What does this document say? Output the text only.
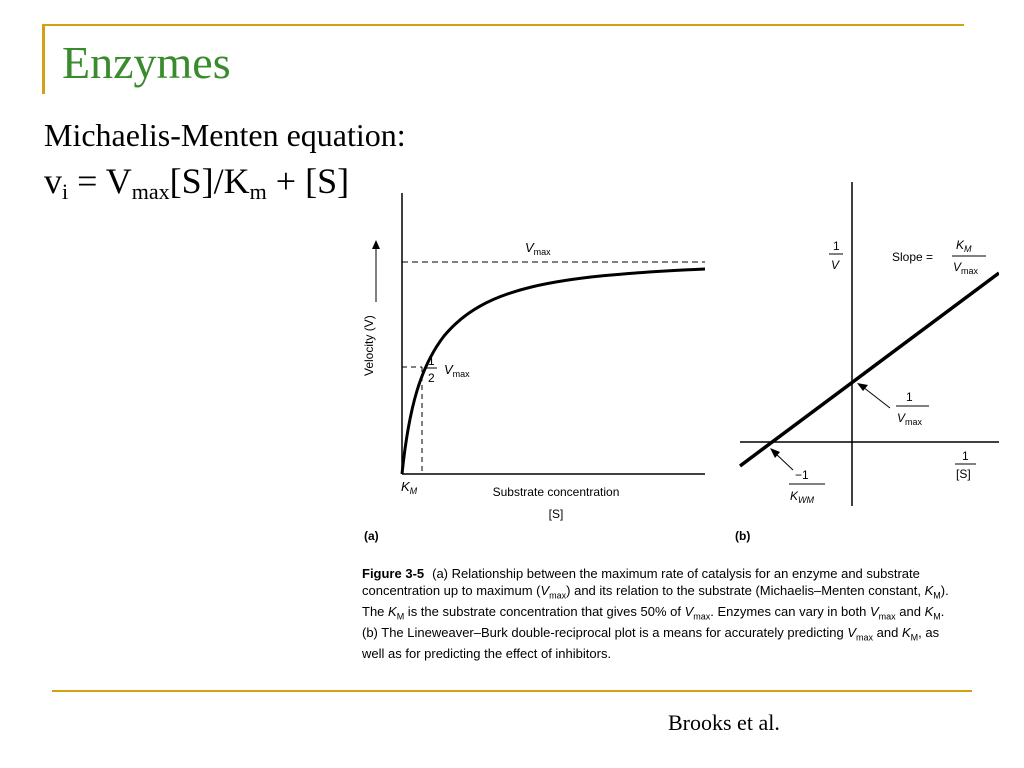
Enzymes
Michaelis-Menten equation:
$v_i = V_{max}[S]/K_m + [S]$
$V_{max}$
1
2
$V_{max}$
$K_M$
Velocity (V)
Substrate concentration
[S]
(a)
1
V
Slope =
$K_M$
$V_{max}$
1
$V_{max}$
1
[S]
−1
$K_{WM}$
(b)
Figure 3-5 (a) Relationship between the maximum rate of catalysis for an enzyme and substrate concentration up to maximum $(V_{max})$ and its relation to the substrate (Michaelis–Menten constant, $K_M$). The $K_M$ is the substrate concentration that gives 50% of $V_{max}$. Enzymes can vary in both $V_{max}$ and $K_M$. (b) The Lineweaver–Burk double-reciprocal plot is a means for accurately predicting $V_{max}$ and $K_M$, as well as for predicting the effect of inhibitors.
Brooks et al.
